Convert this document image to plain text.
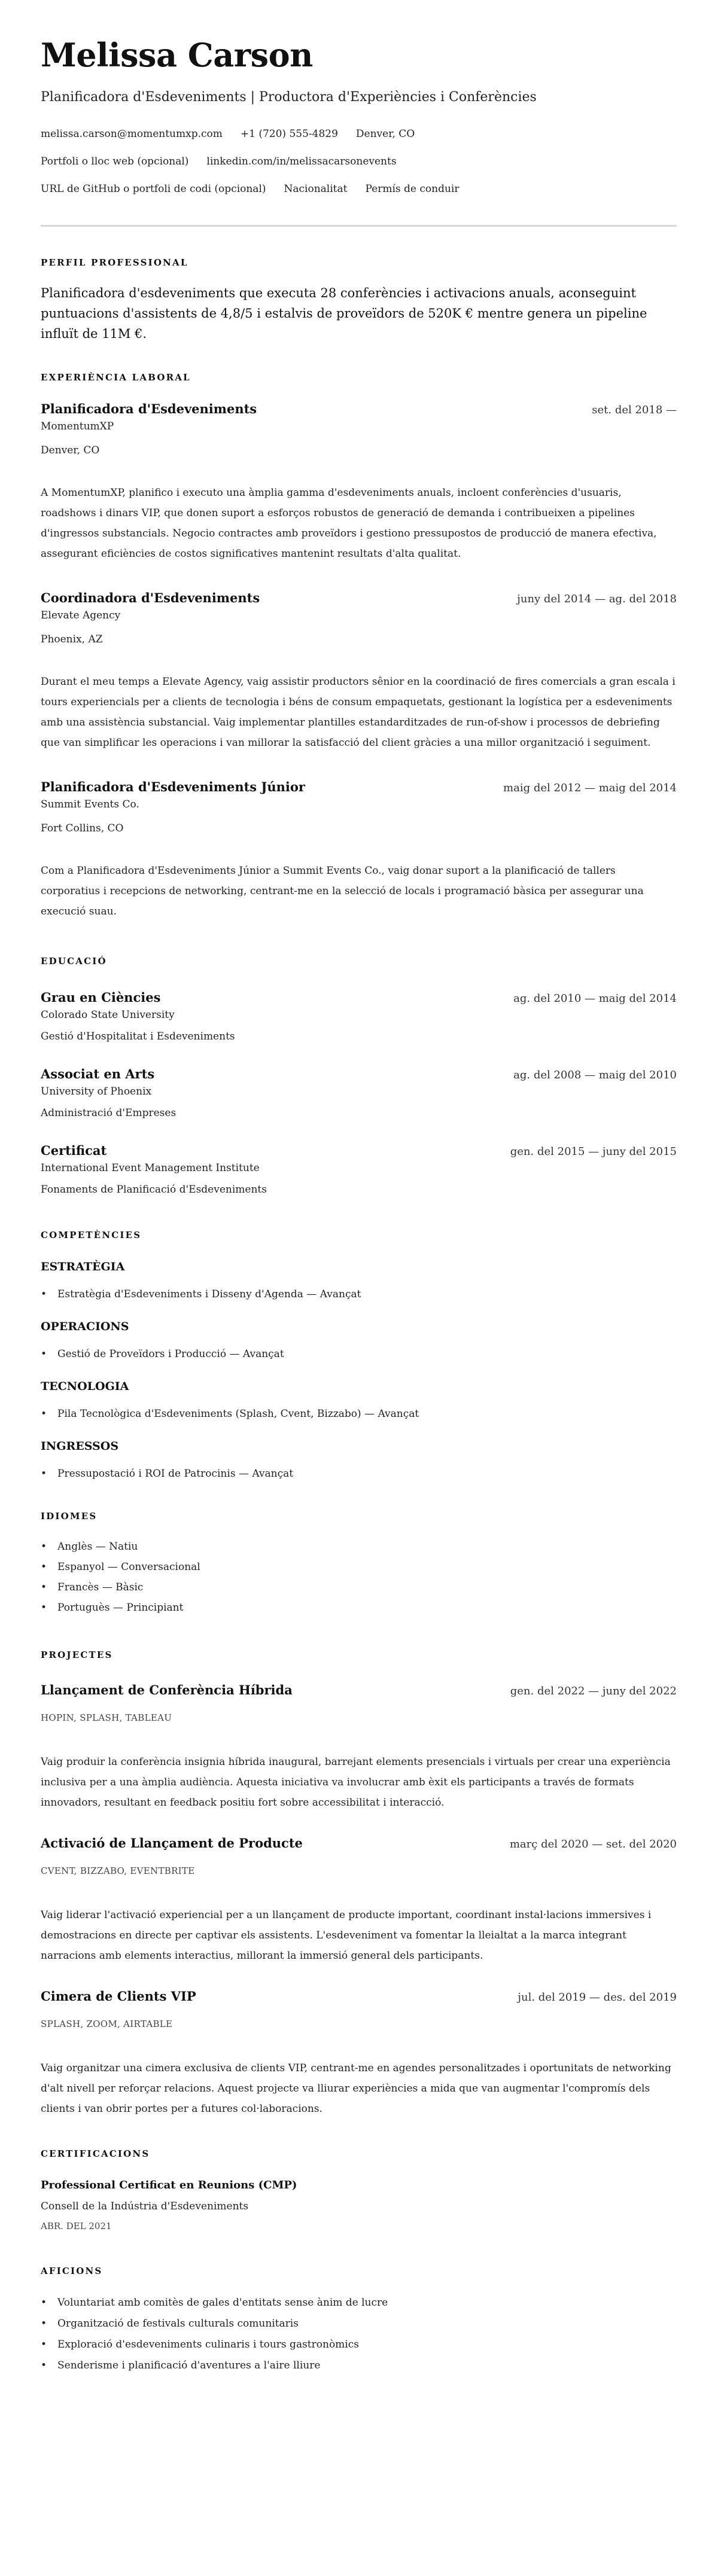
Melissa Carson
Planificadora d'Esdeveniments | Productora d'Experiències i Conferències
melissa.carson@momentumxp.com +1 (720) 555-4829 Denver, CO
Portfoli o lloc web (opcional) linkedin.com/in/melissacarsonevents
URL de GitHub o portfoli de codi (opcional) Nacionalitat Permís de conduir
PERFIL PROFESSIONAL

Planificadora d'esdeveniments que executa 28 conferències i activacions anuals, aconseguint puntuacions d'assistents de 4,8/5 i estalvis de proveïdors de 520K € mentre genera un pipeline influït de 11M €.

EXPERIÈNCIA LABORAL
Planificadora d'Esdeveniments	set. del 2018 —
MomentumXP
Denver, CO

A MomentumXP, planifico i executo una àmplia gamma d'esdeveniments anuals, incloent conferències d'usuaris, roadshows i dinars VIP, que donen suport a esforços robustos de generació de demanda i contribueixen a pipelines d'ingressos substancials. Negocio contractes amb proveïdors i gestiono pressupostos de producció de manera efectiva, assegurant eficiències de costos significatives mantenint resultats d'alta qualitat.

Coordinadora d'Esdeveniments	juny del 2014 — ag. del 2018
Elevate Agency
Phoenix, AZ

Durant el meu temps a Elevate Agency, vaig assistir productors sênior en la coordinació de fires comercials a gran escala i tours experiencials per a clients de tecnologia i béns de consum empaquetats, gestionant la logística per a esdeveniments amb una assistència substancial. Vaig implementar plantilles estandarditzades de run-of-show i processos de debriefing que van simplificar les operacions i van millorar la satisfacció del client gràcies a una millor organització i seguiment.

Planificadora d'Esdeveniments Júnior	maig del 2012 — maig del 2014
Summit Events Co.
Fort Collins, CO

Com a Planificadora d'Esdeveniments Júnior a Summit Events Co., vaig donar suport a la planificació de tallers corporatius i recepcions de networking, centrant-me en la selecció de locals i programació bàsica per assegurar una execució suau.

EDUCACIÓ
Grau en Ciències	ag. del 2010 — maig del 2014
Colorado State University
Gestió d'Hospitalitat i Esdeveniments
Associat en Arts	ag. del 2008 — maig del 2010
University of Phoenix
Administració d'Empreses
Certificat	gen. del 2015 — juny del 2015
International Event Management Institute
Fonaments de Planificació d'Esdeveniments
COMPETÈNCIES
ESTRATÈGIA
• Estratègia d'Esdeveniments i Disseny d'Agenda — Avançat
OPERACIONS
• Gestió de Proveïdors i Producció — Avançat
TECNOLOGIA
• Pila Tecnològica d'Esdeveniments (Splash, Cvent, Bizzabo) — Avançat
INGRESSOS
• Pressupostació i ROI de Patrocinis — Avançat
IDIOMES
• Anglès — Natiu
• Espanyol — Conversacional
• Francès — Bàsic
• Portuguès — Principiant
PROJECTES
Llançament de Conferència Híbrida	gen. del 2022 — juny del 2022
HOPIN, SPLASH, TABLEAU

Vaig produir la conferència insignia híbrida inaugural, barrejant elements presencials i virtuals per crear una experiència inclusiva per a una àmplia audiència. Aquesta iniciativa va involucrar amb èxit els participants a través de formats innovadors, resultant en feedback positiu fort sobre accessibilitat i interacció.

Activació de Llançament de Producte	març del 2020 — set. del 2020
CVENT, BIZZABO, EVENTBRITE

Vaig liderar l'activació experiencial per a un llançament de producte important, coordinant instal·lacions immersives i demostracions en directe per captivar els assistents. L'esdeveniment va fomentar la lleialtat a la marca integrant narracions amb elements interactius, millorant la immersió general dels participants.

Cimera de Clients VIP	jul. del 2019 — des. del 2019
SPLASH, ZOOM, AIRTABLE

Vaig organitzar una cimera exclusiva de clients VIP, centrant-me en agendes personalitzades i oportunitats de networking d'alt nivell per reforçar relacions. Aquest projecte va lliurar experiències a mida que van augmentar l'compromís dels clients i van obrir portes per a futures col·laboracions.

CERTIFICACIONS
Professional Certificat en Reunions (CMP)
Consell de la Indústria d'Esdeveniments
ABR. DEL 2021
AFICIONS
• Voluntariat amb comitès de gales d'entitats sense ànim de lucre
• Organització de festivals culturals comunitaris
• Exploració d'esdeveniments culinaris i tours gastronòmics
• Senderisme i planificació d'aventures a l'aire lliure
